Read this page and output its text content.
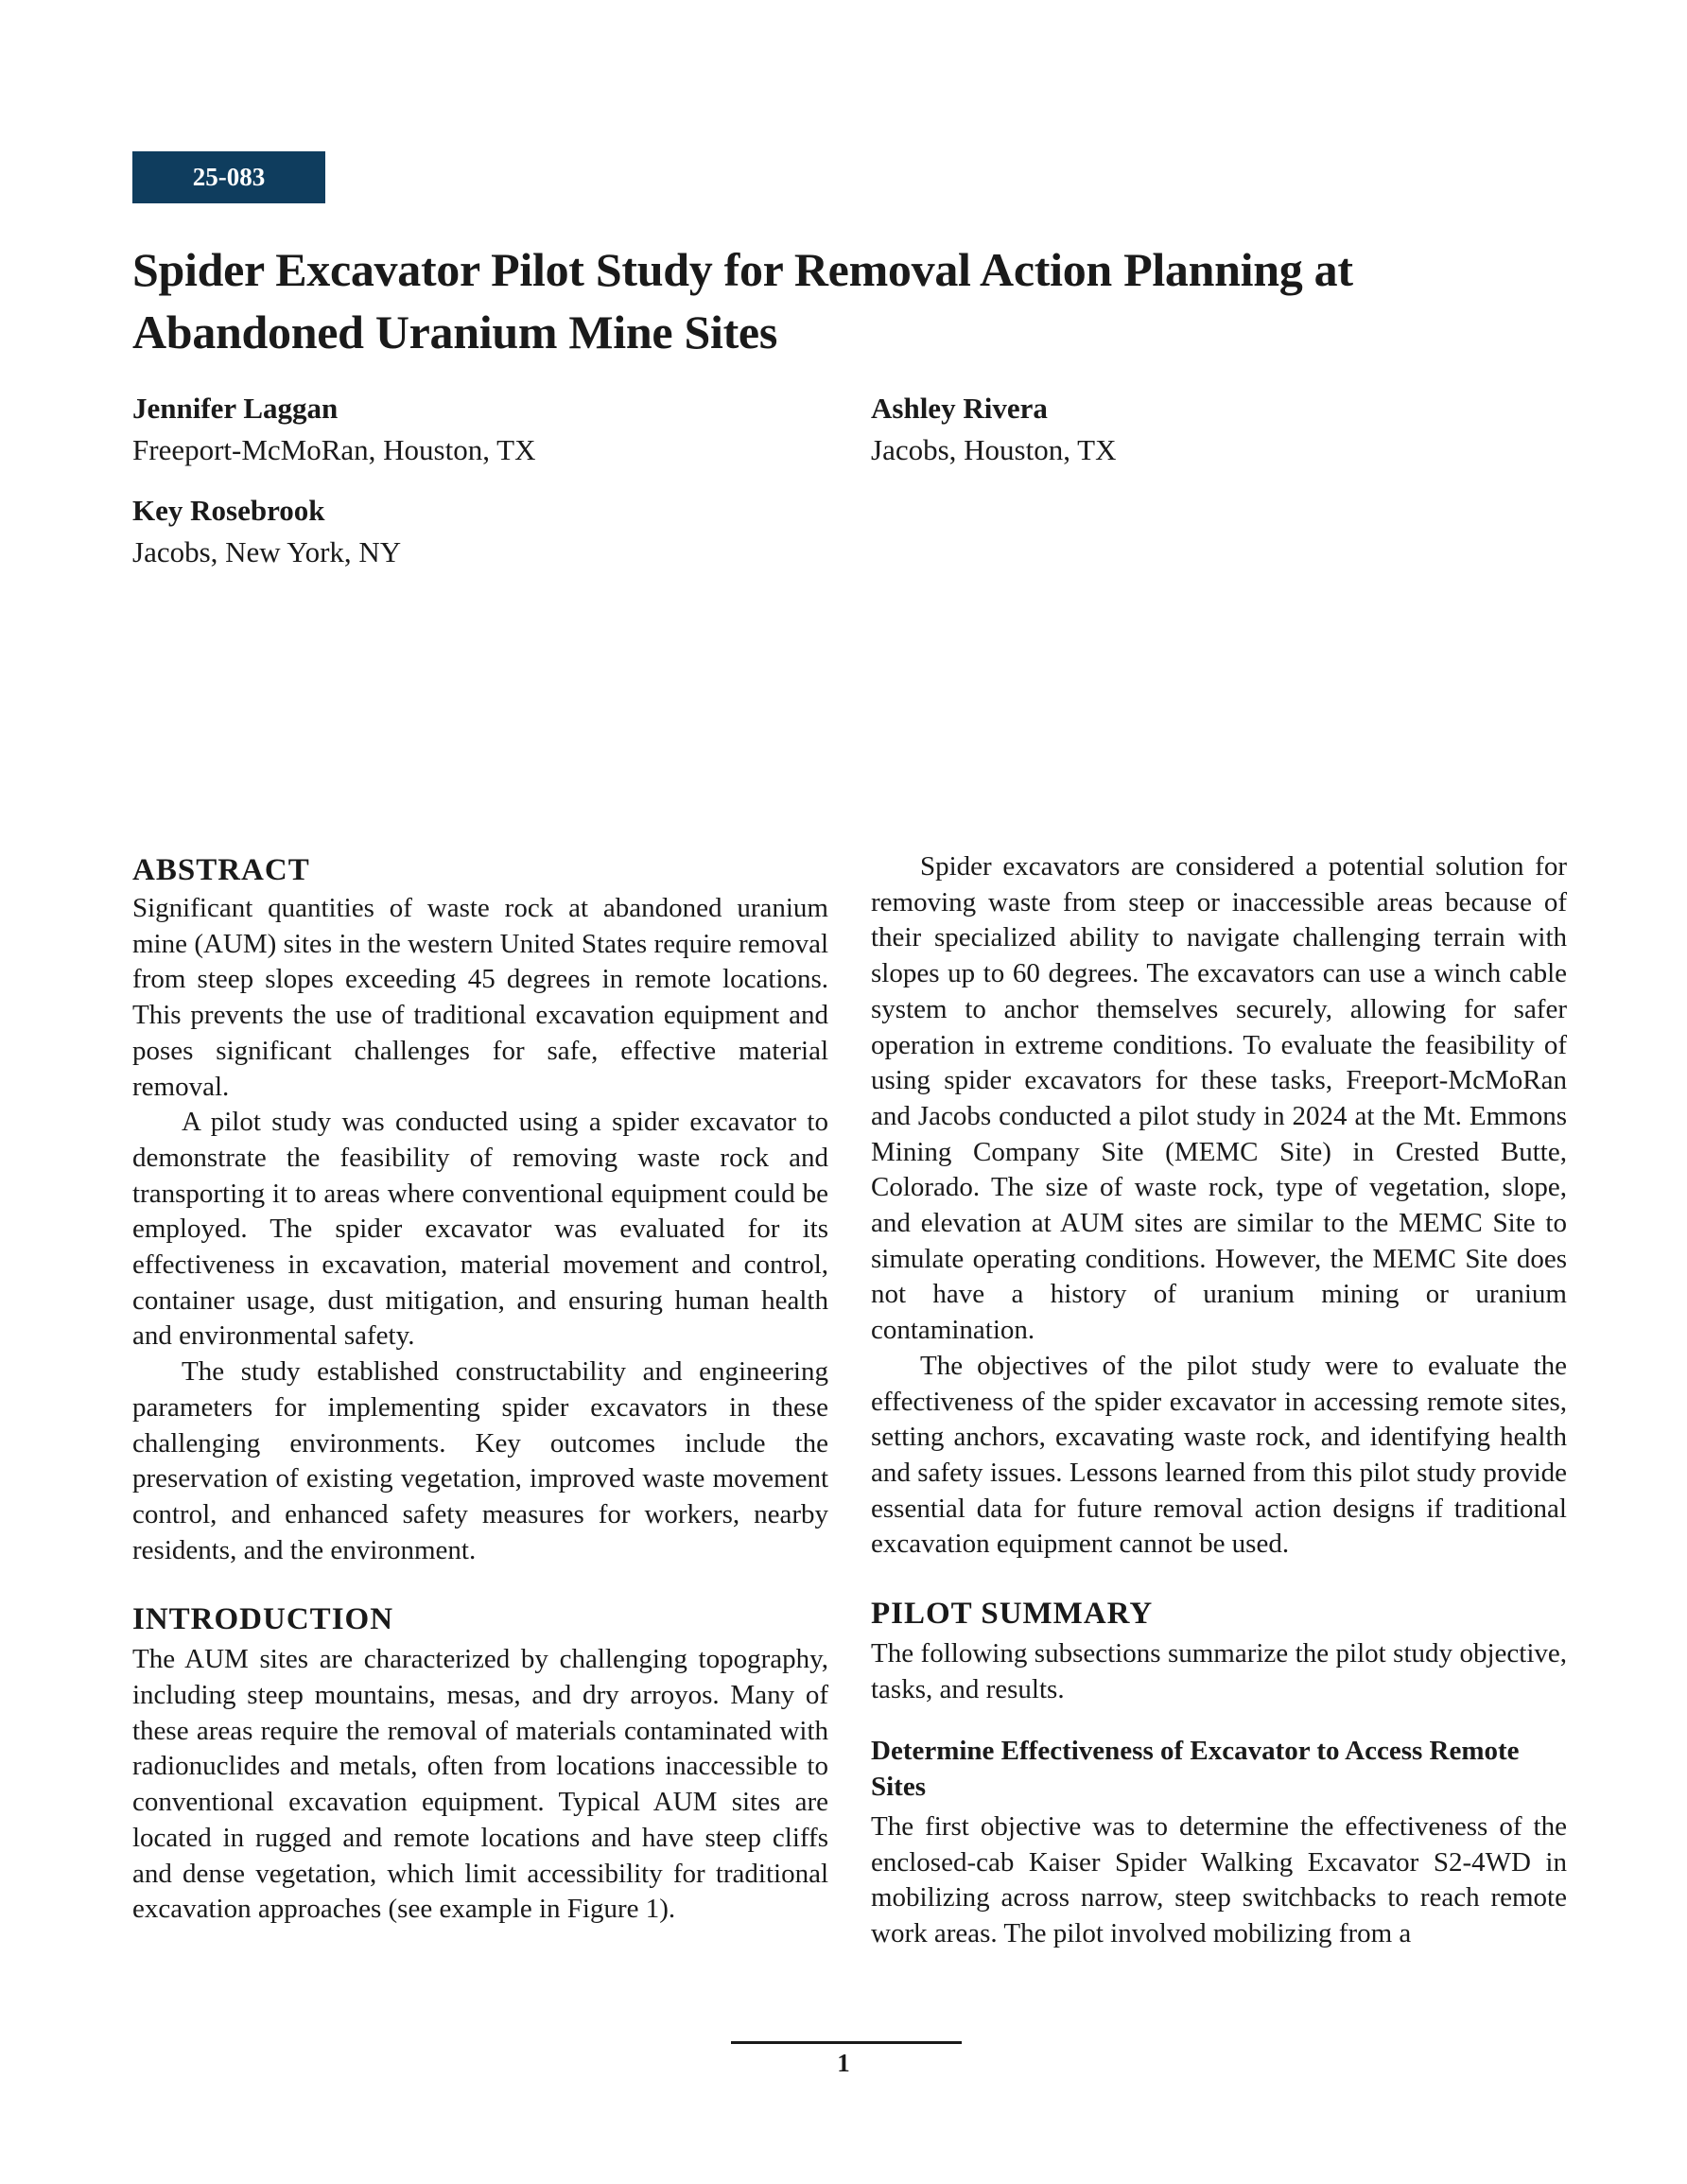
25-083
Spider Excavator Pilot Study for Removal Action Planning at Abandoned Uranium Mine Sites
Jennifer Laggan
Freeport-McMoRan, Houston, TX
Ashley Rivera
Jacobs, Houston, TX
Key Rosebrook
Jacobs, New York, NY
ABSTRACT

Significant quantities of waste rock at abandoned uranium mine (AUM) sites in the western United States require removal from steep slopes exceeding 45 degrees in remote locations. This prevents the use of traditional excavation equipment and poses significant challenges for safe, effective material removal.

A pilot study was conducted using a spider excavator to demonstrate the feasibility of removing waste rock and transporting it to areas where conventional equipment could be employed. The spider excavator was evaluated for its effectiveness in excavation, material movement and control, container usage, dust mitigation, and ensuring human health and environmental safety.

The study established constructability and engineering parameters for implementing spider excavators in these challenging environments. Key outcomes include the preservation of existing vegetation, improved waste movement control, and enhanced safety measures for workers, nearby residents, and the environment.

INTRODUCTION

The AUM sites are characterized by challenging topography, including steep mountains, mesas, and dry arroyos. Many of these areas require the removal of materials contaminated with radionuclides and metals, often from locations inaccessible to conventional excavation equipment. Typical AUM sites are located in rugged and remote locations and have steep cliffs and dense vegetation, which limit accessibility for traditional excavation approaches (see example in Figure 1).

Spider excavators are considered a potential solution for removing waste from steep or inaccessible areas because of their specialized ability to navigate challenging terrain with slopes up to 60 degrees. The excavators can use a winch cable system to anchor themselves securely, allowing for safer operation in extreme conditions. To evaluate the feasibility of using spider excavators for these tasks, Freeport-McMoRan and Jacobs conducted a pilot study in 2024 at the Mt. Emmons Mining Company Site (MEMC Site) in Crested Butte, Colorado. The size of waste rock, type of vegetation, slope, and elevation at AUM sites are similar to the MEMC Site to simulate operating conditions. However, the MEMC Site does not have a history of uranium mining or uranium contamination.

The objectives of the pilot study were to evaluate the effectiveness of the spider excavator in accessing remote sites, setting anchors, excavating waste rock, and identifying health and safety issues. Lessons learned from this pilot study provide essential data for future removal action designs if traditional excavation equipment cannot be used.

PILOT SUMMARY

The following subsections summarize the pilot study objective, tasks, and results.

Determine Effectiveness of Excavator to Access Remote Sites

The first objective was to determine the effectiveness of the enclosed-cab Kaiser Spider Walking Excavator S2-4WD in mobilizing across narrow, steep switchbacks to reach remote work areas. The pilot involved mobilizing from a

1
